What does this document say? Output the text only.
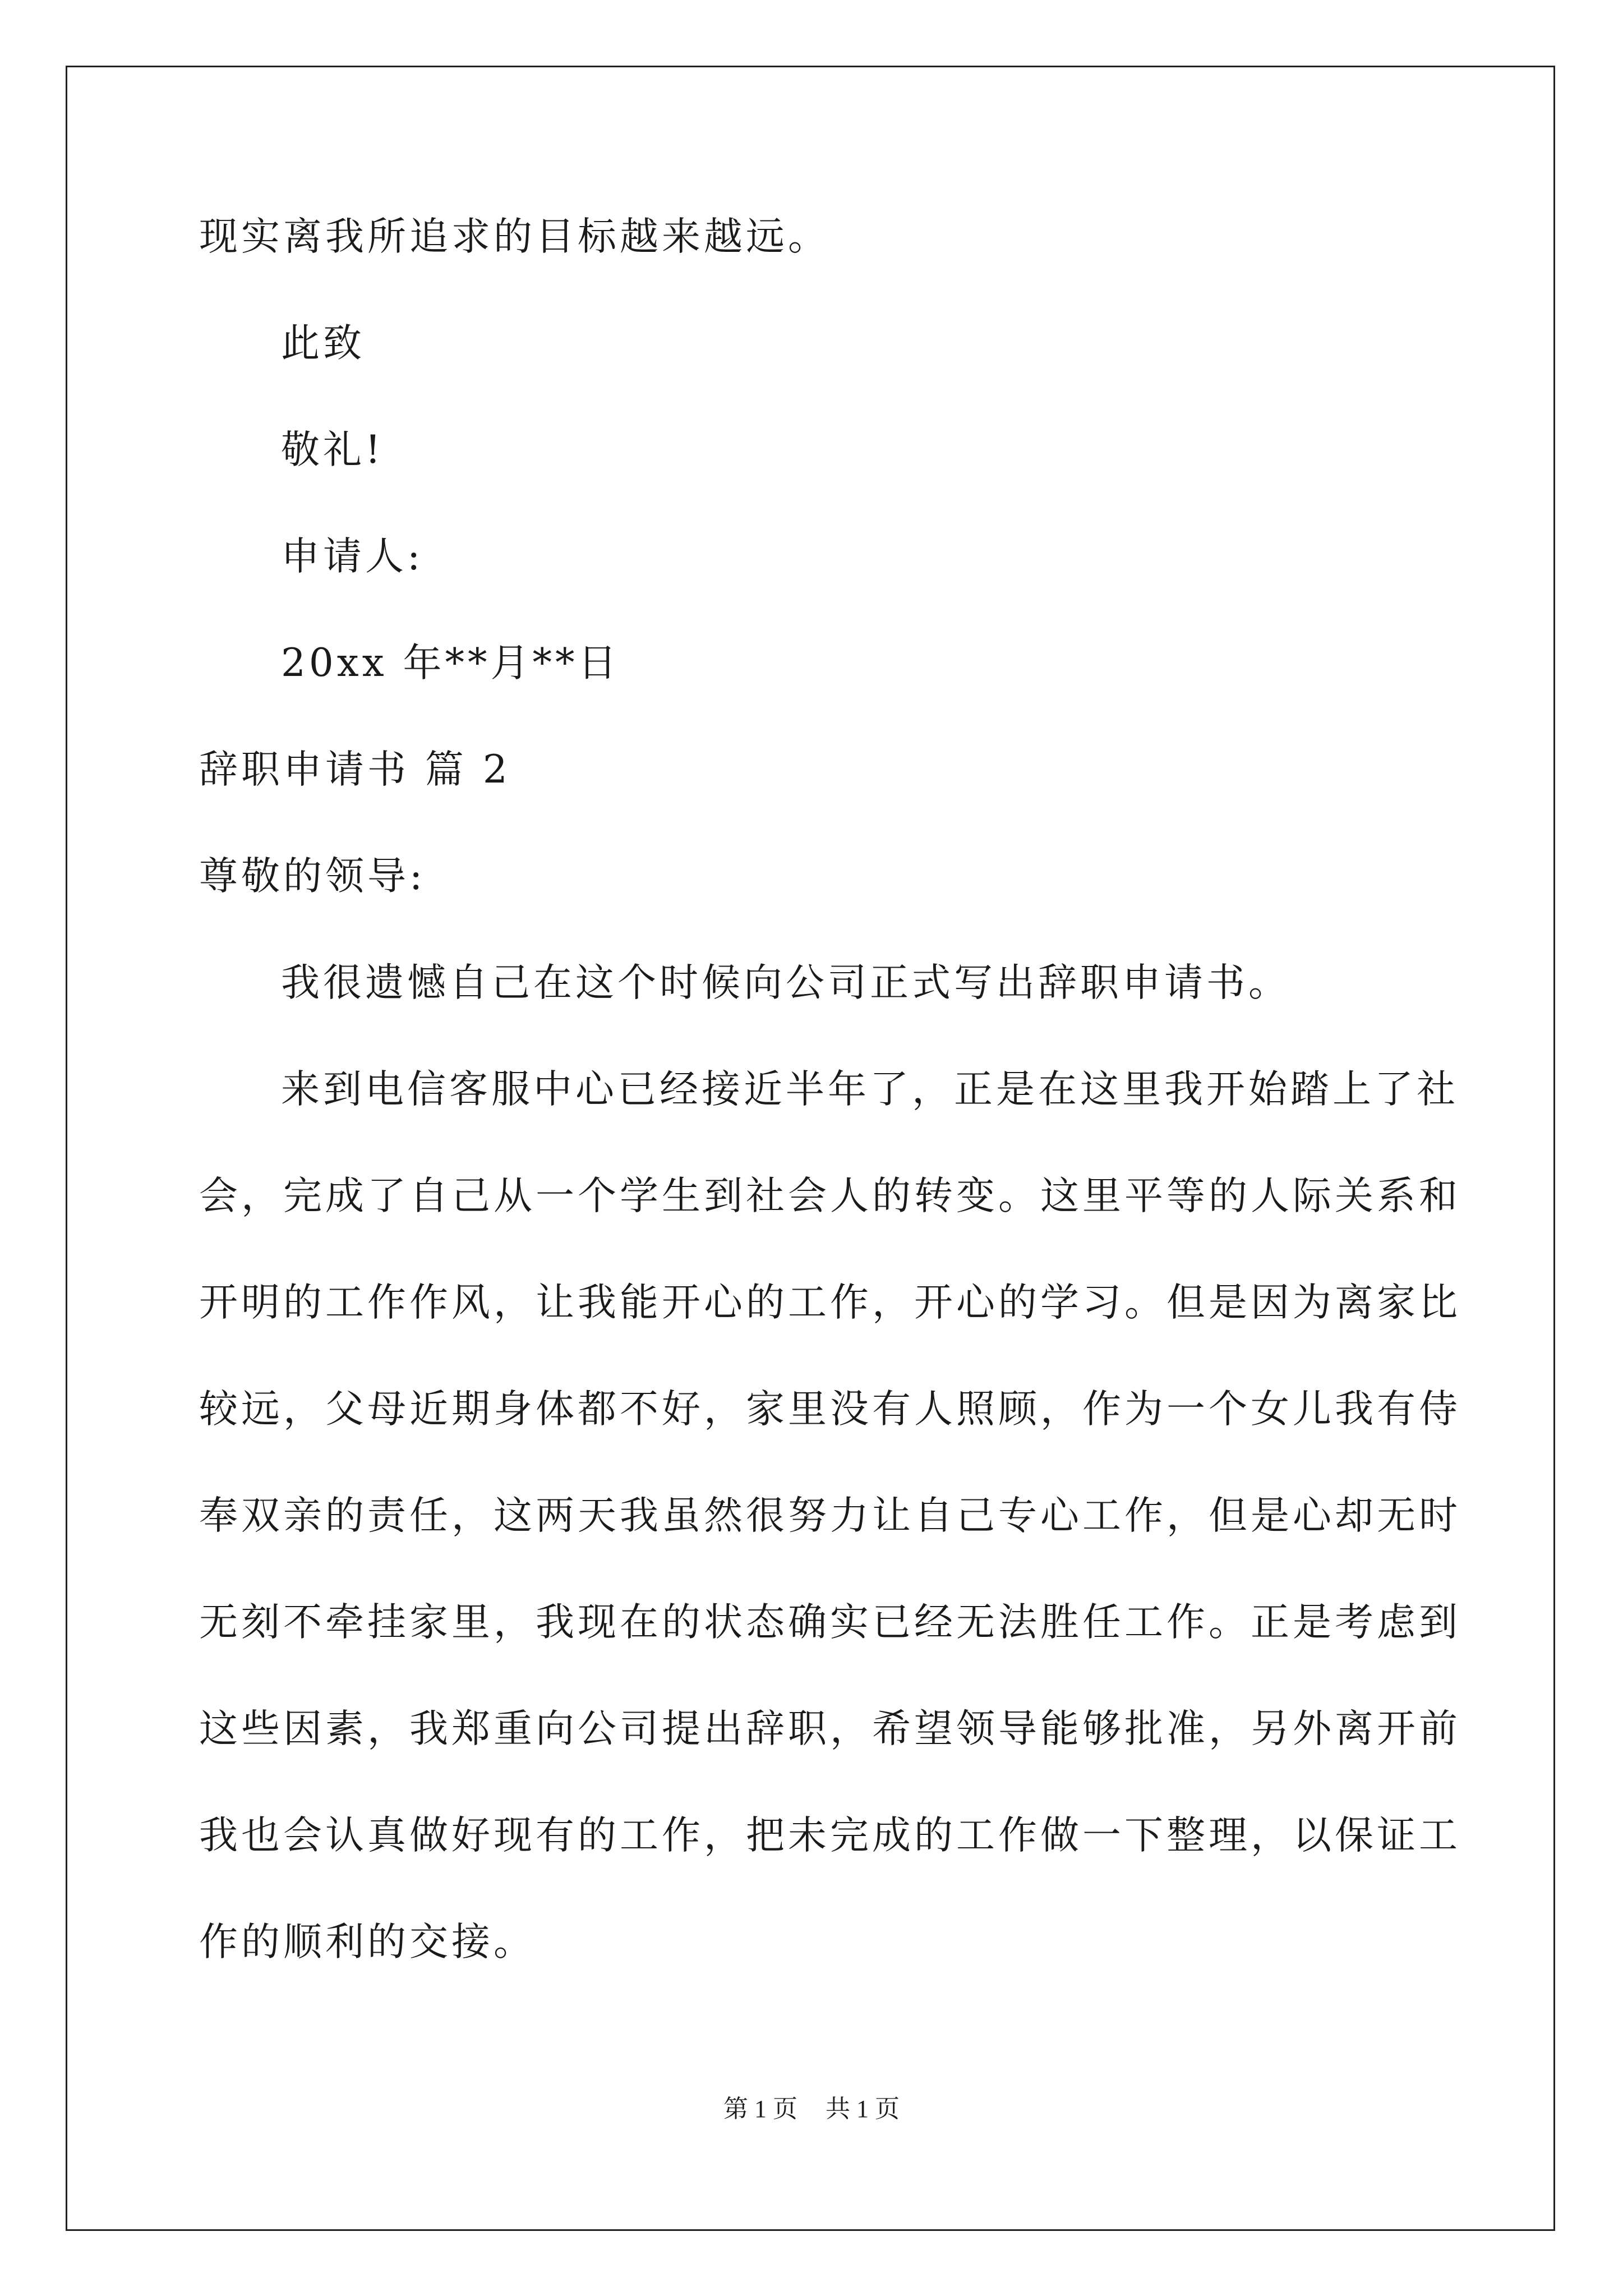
现实离我所追求的目标越来越远。
此致
敬礼!
申请人:
20xx 年**月**日
辞职申请书 篇 2
尊敬的领导:
我很遗憾自己在这个时候向公司正式写出辞职申请书。
来到电信客服中心已经接近半年了，正是在这里我开始踏上了社
会，完成了自己从一个学生到社会人的转变。这里平等的人际关系和
开明的工作作风，让我能开心的工作，开心的学习。但是因为离家比
较远，父母近期身体都不好，家里没有人照顾，作为一个女儿我有侍
奉双亲的责任，这两天我虽然很努力让自己专心工作，但是心却无时
无刻不牵挂家里，我现在的状态确实已经无法胜任工作。正是考虑到
这些因素，我郑重向公司提出辞职，希望领导能够批准，另外离开前
我也会认真做好现有的工作，把未完成的工作做一下整理，以保证工
作的顺利的交接。
第 1 页 共 1 页
